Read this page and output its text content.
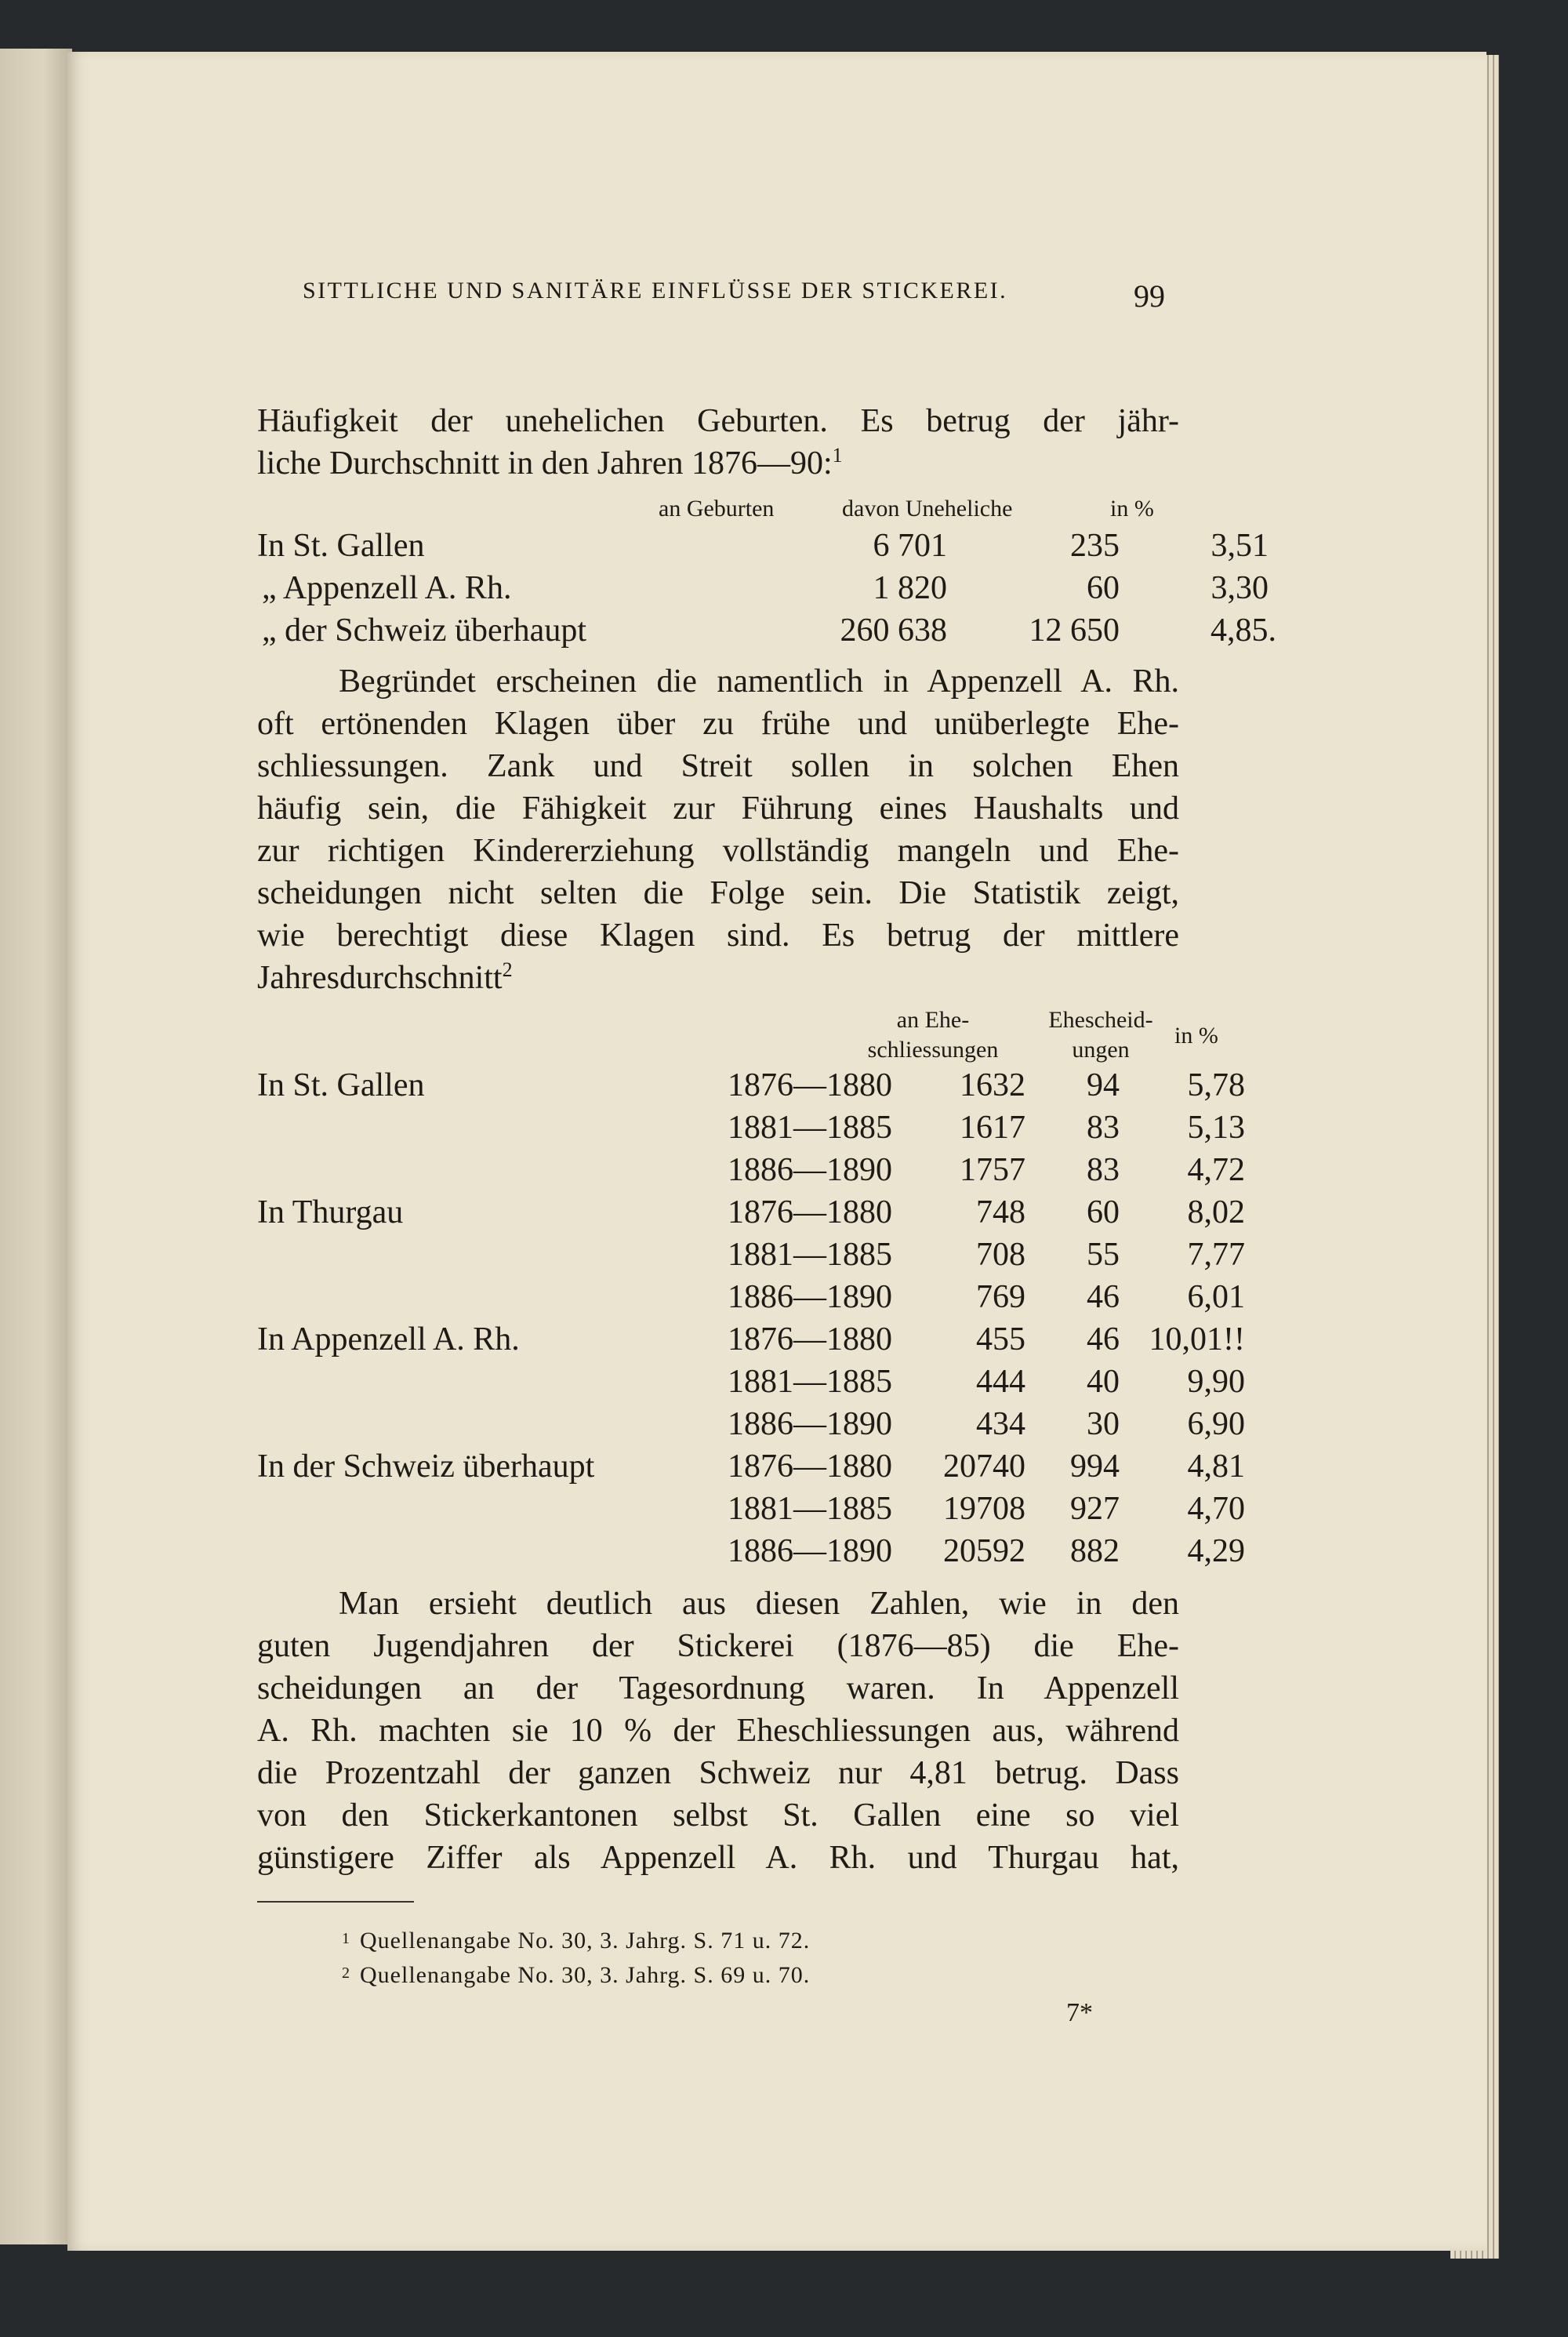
SITTLICHE UND SANITÄRE EINFLÜSSE DER STICKEREI.	99
Häufigkeit der unehelichen Geburten. Es betrug der jähr-
liche Durchschnitt in den Jahren 1876—90:$^1$
an Geburten	davon Uneheliche	in %
In St. Gallen	6 701	235	3,51
„ Appenzell A. Rh.	1 820	60	3,30
„ der Schweiz überhaupt	260 638	12 650	4,85.
Begründet erscheinen die namentlich in Appenzell A. Rh.
oft ertönenden Klagen über zu frühe und unüberlegte Ehe-
schliessungen. Zank und Streit sollen in solchen Ehen
häufig sein, die Fähigkeit zur Führung eines Haushalts und
zur richtigen Kindererziehung vollständig mangeln und Ehe-
scheidungen nicht selten die Folge sein. Die Statistik zeigt,
wie berechtigt diese Klagen sind. Es betrug der mittlere
Jahresdurchschnitt$^2$
an Ehe-
schliessungen
Ehescheid-
ungen
in %
In St. Gallen	1876—1880	1632	94	5,78
1881—1885	1617	83	5,13
1886—1890	1757	83	4,72
In Thurgau	1876—1880	748	60	8,02
1881—1885	708	55	7,77
1886—1890	769	46	6,01
In Appenzell A. Rh.	1876—1880	455	46 10,01!!
1881—1885	444	40	9,90
1886—1890	434	30	6,90
In der Schweiz überhaupt	1876—1880	20740	994	4,81
1881—1885	19708	927	4,70
1886—1890	20592	882	4,29
Man ersieht deutlich aus diesen Zahlen, wie in den
guten Jugendjahren der Stickerei (1876—85) die Ehe-
scheidungen an der Tagesordnung waren. In Appenzell
A. Rh. machten sie 10 % der Eheschliessungen aus, während
die Prozentzahl der ganzen Schweiz nur 4,81 betrug. Dass
von den Stickerkantonen selbst St. Gallen eine so viel
günstigere Ziffer als Appenzell A. Rh. und Thurgau hat,
$^1$ Quellenangabe No. 30, 3. Jahrg. S. 71 u. 72.
$^2$ Quellenangabe No. 30, 3. Jahrg. S. 69 u. 70.
7*
